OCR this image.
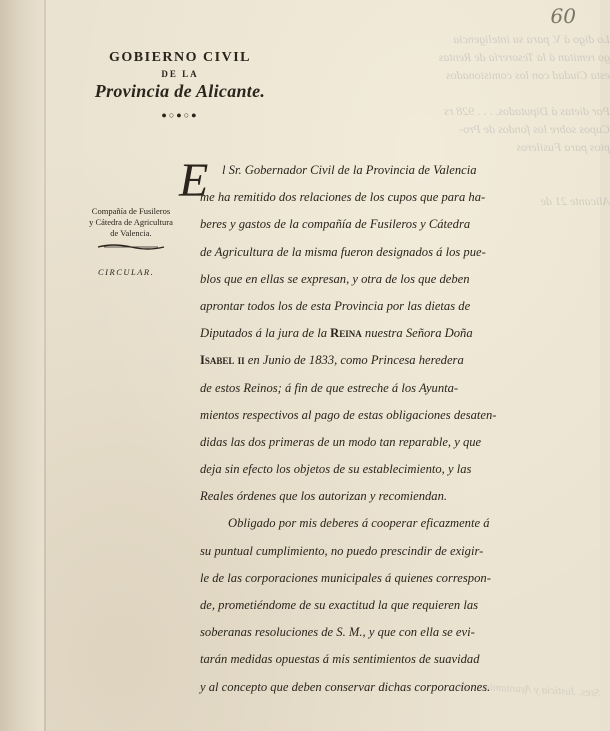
Lo digo á V. para su inteligencia
go remitan á la Tesorería de Rentas
esta Ciudad con los comisionados

Por dietas á Diputados. . . . 928 rs
Cupos sobre los fondos de Pro-
pios para Fusileros

Alicante 21 de
Sres. Justicia y Ayuntamiento de
60
GOBIERNO CIVIL
DE LA
Provincia de Alicante.
●○●○●
Compañía de Fusileros
y Cátedra de Agricultura
de Valencia.
CIRCULAR.
E	l Sr. Gobernador Civil de la Provincia de Valencia
me ha remitido dos relaciones de los cupos que para ha-
beres y gastos de la compañía de Fusileros y Cátedra
de Agricultura de la misma fueron designados á los pue-
blos que en ellas se expresan, y otra de los que deben
aprontar todos los de esta Provincia por las dietas de
Diputados á la jura de la Reina nuestra Señora Doña
Isabel ii en Junio de 1833, como Princesa heredera
de estos Reinos; á fin de que estreche á los Ayunta-
mientos respectivos al pago de estas obligaciones desaten-
didas las dos primeras de un modo tan reparable, y que
deja sin efecto los objetos de su establecimiento, y las
Reales órdenes que los autorizan y recomiendan.
Obligado por mis deberes á cooperar eficazmente á
su puntual cumplimiento, no puedo prescindir de exigir-
le de las corporaciones municipales á quienes correspon-
de, prometiéndome de su exactitud la que requieren las
soberanas resoluciones de S. M., y que con ella se evi-
tarán medidas opuestas á mis sentimientos de suavidad
y al concepto que deben conservar dichas corporaciones.
